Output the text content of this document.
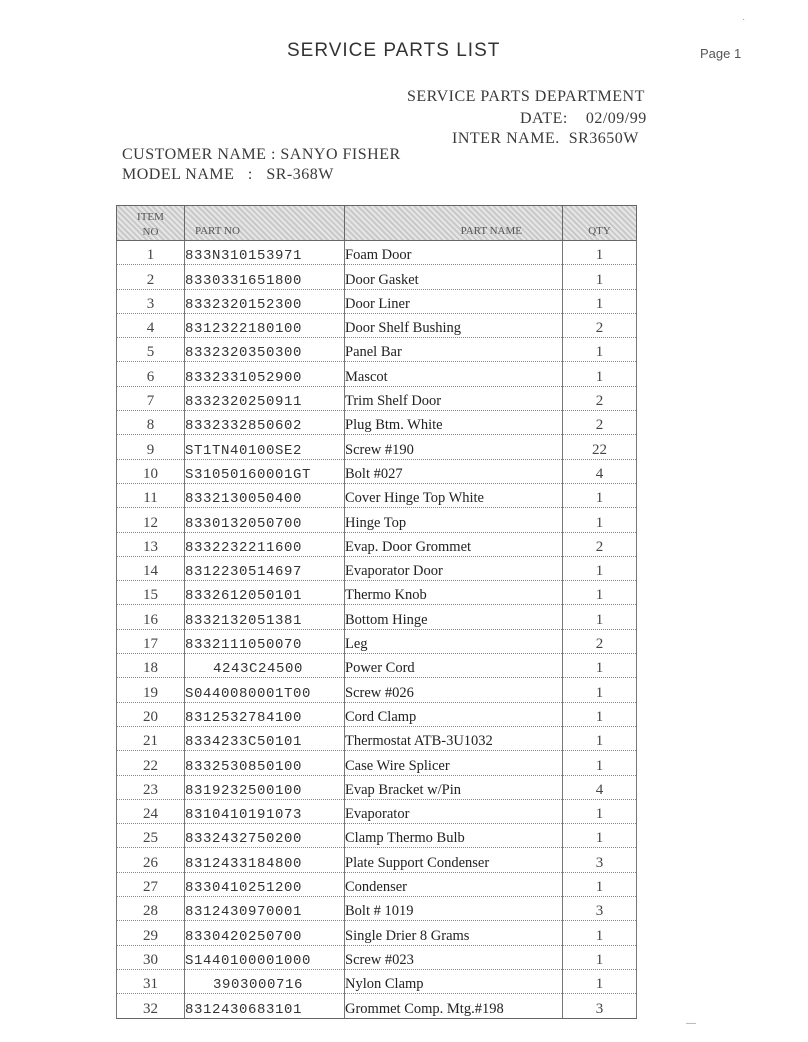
SERVICE PARTS LIST	Page 1
SERVICE PARTS DEPARTMENT
DATE:    02/09/99
INTER NAME.  SR3650W
CUSTOMER NAME : SANYO FISHER
MODEL NAME   :   SR-368W
ITEM
NO	PART NO	PART NAME	QTY

1	833N310153971	Foam Door	1
2	8330331651800	Door Gasket	1
3	8332320152300	Door Liner	1
4	8312322180100	Door Shelf Bushing	2
5	8332320350300	Panel Bar	1
6	8332331052900	Mascot	1
7	8332320250911	Trim Shelf Door	2
8	8332332850602	Plug Btm. White	2
9	ST1TN40100SE2	Screw #190	22
10	S31050160001GT	Bolt #027	4
11	8332130050400	Cover Hinge Top White	1
12	8330132050700	Hinge Top	1
13	8332232211600	Evap. Door Grommet	2
14	8312230514697	Evaporator Door	1
15	8332612050101	Thermo Knob	1
16	8332132051381	Bottom Hinge	1
17	8332111050070	Leg	2
18	4243C24500	Power Cord	1
19	S0440080001T00	Screw #026	1
20	8312532784100	Cord Clamp	1
21	8334233C50101	Thermostat ATB-3U1032	1
22	8332530850100	Case Wire Splicer	1
23	8319232500100	Evap Bracket w/Pin	4
24	8310410191073	Evaporator	1
25	8332432750200	Clamp Thermo Bulb	1
26	8312433184800	Plate Support Condenser	3
27	8330410251200	Condenser	1
28	8312430970001	Bolt # 1019	3
29	8330420250700	Single Drier 8 Grams	1
30	S1440100001000	Screw #023	1
31	3903000716	Nylon Clamp	1
32	8312430683101	Grommet Comp. Mtg.#198	3
·
—
